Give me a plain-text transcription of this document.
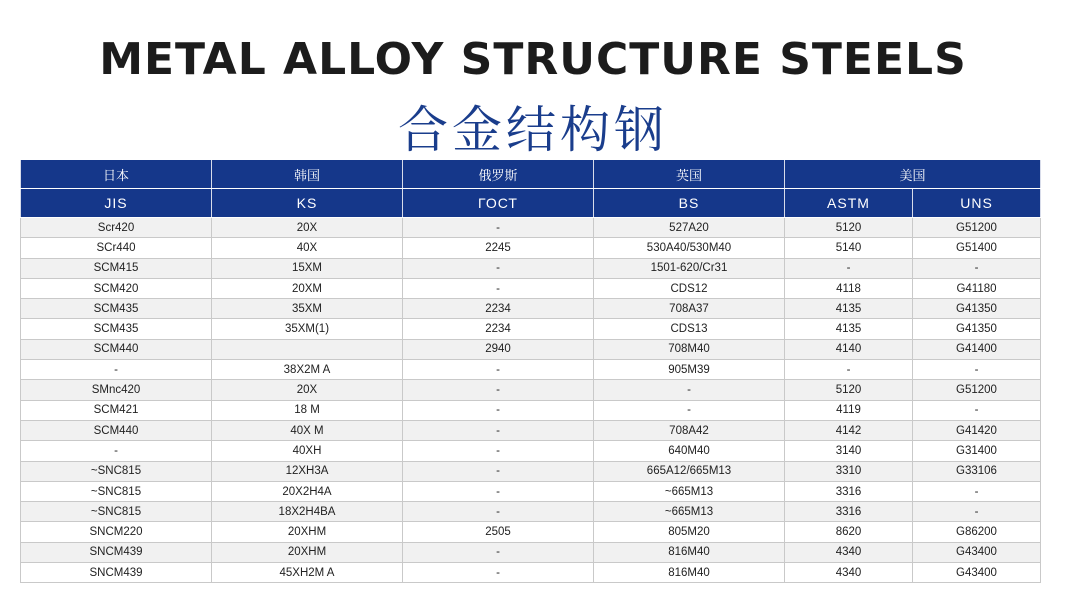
METAL ALLOY STRUCTURE STEELS
合金结构钢
日本	韩国	俄罗斯	英国	美国	
JIS	KS	ГОСТ	BS	ASTM	UNS
Scr420	20X	-	527A20	5120	G51200
SCr440	40X	2245	530A40/530M40	5140	G51400
SCM415	15XM	-	1501-620/Cr31	-	-
SCM420	20XM	-	CDS12	4118	G41180
SCM435	35XM	2234	708A37	4135	G41350
SCM435	35XM(1)	2234	CDS13	4135	G41350
SCM440		2940	708M40	4140	G41400
-	38X2M A	-	905M39	-	-
SMnc420	20X	-	-	5120	G51200
SCM421	18 M	-	-	4119	-
SCM440	40X M	-	708A42	4142	G41420
-	40XH	-	640M40	3140	G31400
~SNC815	12XH3A	-	665A12/665M13	3310	G33106
~SNC815	20X2H4A	-	~665M13	3316	-
~SNC815	18X2H4BA	-	~665M13	3316	-
SNCM220	20XHM	2505	805M20	8620	G86200
SNCM439	20XHM	-	816M40	4340	G43400
SNCM439	45XH2M A	-	816M40	4340	G43400
